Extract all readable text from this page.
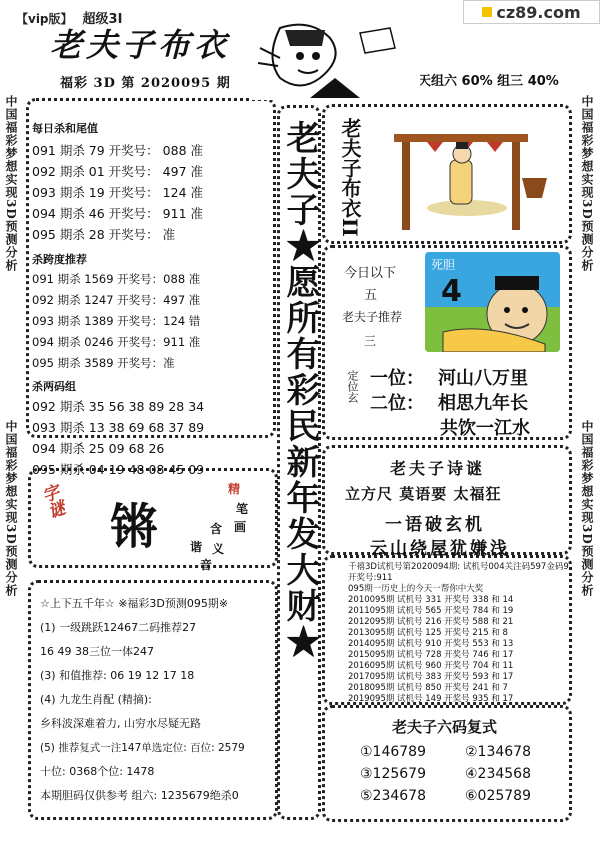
cz89.com
【vip版】 超级3I
老夫子布衣
福彩 3D 第 2020095 期	天组六 60% 组三 40%
中国福彩梦想实现3D预测分析
中国福彩梦想实现3D预测分析
中国福彩梦想实现3D预测分析
中国福彩梦想实现3D预测分析
每日杀和尾值
091 期杀 79 开奖号： 088 准
092 期杀 01 开奖号： 497 准
093 期杀 19 开奖号： 124 准
094 期杀 46 开奖号： 911 准
095 期杀 28 开奖号： 准
杀跨度推荐
091 期杀 1569 开奖号：088 准
092 期杀 1247 开奖号：497 准
093 期杀 1389 开奖号：124 错
094 期杀 0246 开奖号：911 准
095 期杀 3589 开奖号：准
杀两码组
092 期杀 35 56 38 89 28 34
093 期杀 13 38 69 68 37 89
094 期杀 25 09 68 26
095 期杀 04 19 48 08 45 09	老夫子★愿所有彩民新年发大财★ 老夫子布衣II
今日以下
五
老夫子推荐
三
死胆
4
定位玄 一位： 河山八万里
二位： 相思九年长
共饮一江水
老夫子诗谜
立方尺 莫语要 太福狂
一语破玄机
云山绕屋犹嫌浅
字谜 锵
精
笔
画
含
谐 义
音	千禧3D试机号第2020094期: 试机号004关注码597金码9
开奖号:911
095期一历史上的今天一帮你中大奖
2010095期 试机号 331 开奖号 338 和 14
2011095期 试机号 565 开奖号 784 和 19
2012095期 试机号 216 开奖号 588 和 21
2013095期 试机号 125 开奖号 215 和 8
2014095期 试机号 910 开奖号 553 和 13
2015095期 试机号 728 开奖号 746 和 17
2016095期 试机号 960 开奖号 704 和 11
2017095期 试机号 383 开奖号 593 和 17
2018095期 试机号 850 开奖号 241 和 7
2019095期 试机号 149 开奖号 935 和 17
老夫子六码复式
①146789	②134678
③125679	④234568
⑤234678	⑥025789
☆上下五千年☆ ※福彩3D预测095期※
(1) 一级跳跃12467二码推荐27
16 49 38三位一体247
(3) 和值推荐: 06 19 12 17 18
(4) 九龙生肖配 (精摘):
乡科波深难着力, 山穷水尽疑无路
(5) 推荐复式一注147单选定位: 百位: 2579
十位: 0368个位: 1478
本期胆码仅供参考 组六: 1235679绝杀0
